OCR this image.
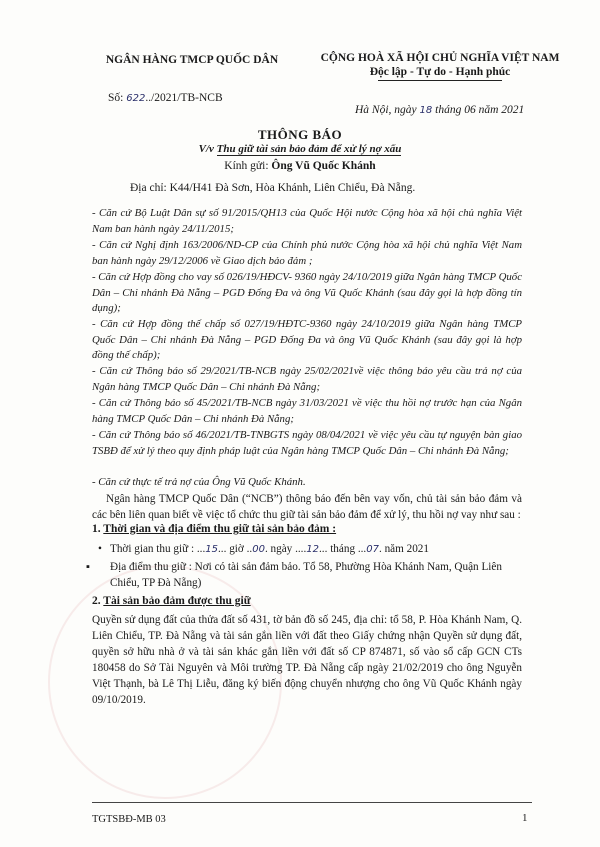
NGÂN HÀNG TMCP QUỐC DÂN	CỘNG HOÀ XÃ HỘI CHỦ NGHĨA VIỆT NAM
Độc lập - Tự do - Hạnh phúc
Số: 622../2021/TB-NCB
Hà Nội, ngày 18 tháng 06 năm 2021
THÔNG BÁO
V/v Thu giữ tài sản bảo đảm để xử lý nợ xấu
Kính gửi: Ông Vũ Quốc Khánh
Địa chỉ: K44/H41 Đà Sơn, Hòa Khánh, Liên Chiểu, Đà Nẵng.
- Căn cứ Bộ Luật Dân sự số 91/2015/QH13 của Quốc Hội nước Cộng hòa xã hội chủ nghĩa Việt Nam ban hành ngày 24/11/2015;
- Căn cứ Nghị định 163/2006/ND-CP của Chính phủ nước Cộng hòa xã hội chủ nghĩa Việt Nam ban hành ngày 29/12/2006 về Giao dịch bảo đảm ;
- Căn cứ Hợp đồng cho vay số 026/19/HĐCV- 9360 ngày 24/10/2019 giữa Ngân hàng TMCP Quốc Dân – Chi nhánh Đà Nẵng – PGD Đống Đa và ông Vũ Quốc Khánh (sau đây gọi là hợp đồng tín dụng);
- Căn cứ Hợp đồng thế chấp số 027/19/HĐTC-9360 ngày 24/10/2019 giữa Ngân hàng TMCP Quốc Dân – Chi nhánh Đà Nẵng – PGD Đống Đa và ông Vũ Quốc Khánh (sau đây gọi là hợp đồng thế chấp);
- Căn cứ Thông báo số 29/2021/TB-NCB ngày 25/02/2021về việc thông báo yêu cầu trả nợ của Ngân hàng TMCP Quốc Dân – Chi nhánh Đà Nẵng;
- Căn cứ Thông báo số 45/2021/TB-NCB ngày 31/03/2021 về việc thu hồi nợ trước hạn của Ngân hàng TMCP Quốc Dân – Chi nhánh Đà Nẵng;
- Căn cứ Thông báo số 46/2021/TB-TNBGTS ngày 08/04/2021 về việc yêu cầu tự nguyện bàn giao TSBĐ để xử lý theo quy định pháp luật của Ngân hàng TMCP Quốc Dân – Chi nhánh Đà Nẵng;
- Căn cứ thực tế trả nợ của Ông Vũ Quốc Khánh.
Ngân hàng TMCP Quốc Dân (“NCB”) thông báo đến bên vay vốn, chủ tài sản bảo đảm và các bên liên quan biết về việc tổ chức thu giữ tài sản bảo đảm để xử lý, thu hồi nợ vay như sau :
1. Thời gian và địa điểm thu giữ tài sản bảo đảm :
• Thời gian thu giữ : ...15... giờ ..00. ngày ....12... tháng ...07. năm 2021
▪ Địa điểm thu giữ : Nơi có tài sản đảm bảo. Tổ 58, Phường Hòa Khánh Nam, Quận Liên Chiểu, TP Đà Nẵng)
2. Tài sản bảo đảm được thu giữ
Quyền sử dụng đất của thửa đất số 431, tờ bản đồ số 245, địa chỉ: tổ 58, P. Hòa Khánh Nam, Q. Liên Chiểu, TP. Đà Nẵng và tài sản gắn liền với đất theo Giấy chứng nhận Quyền sử dụng đất, quyền sở hữu nhà ở và tài sản khác gắn liền với đất số CP 874871, số vào sổ cấp GCN CTs 180458 do Sở Tài Nguyên và Môi trường TP. Đà Nẵng cấp ngày 21/02/2019 cho ông Nguyễn Việt Thạnh, bà Lê Thị Liễu, đăng ký biến động chuyển nhượng cho ông Vũ Quốc Khánh ngày 09/10/2019.
TGTSBĐ-MB 03	1
